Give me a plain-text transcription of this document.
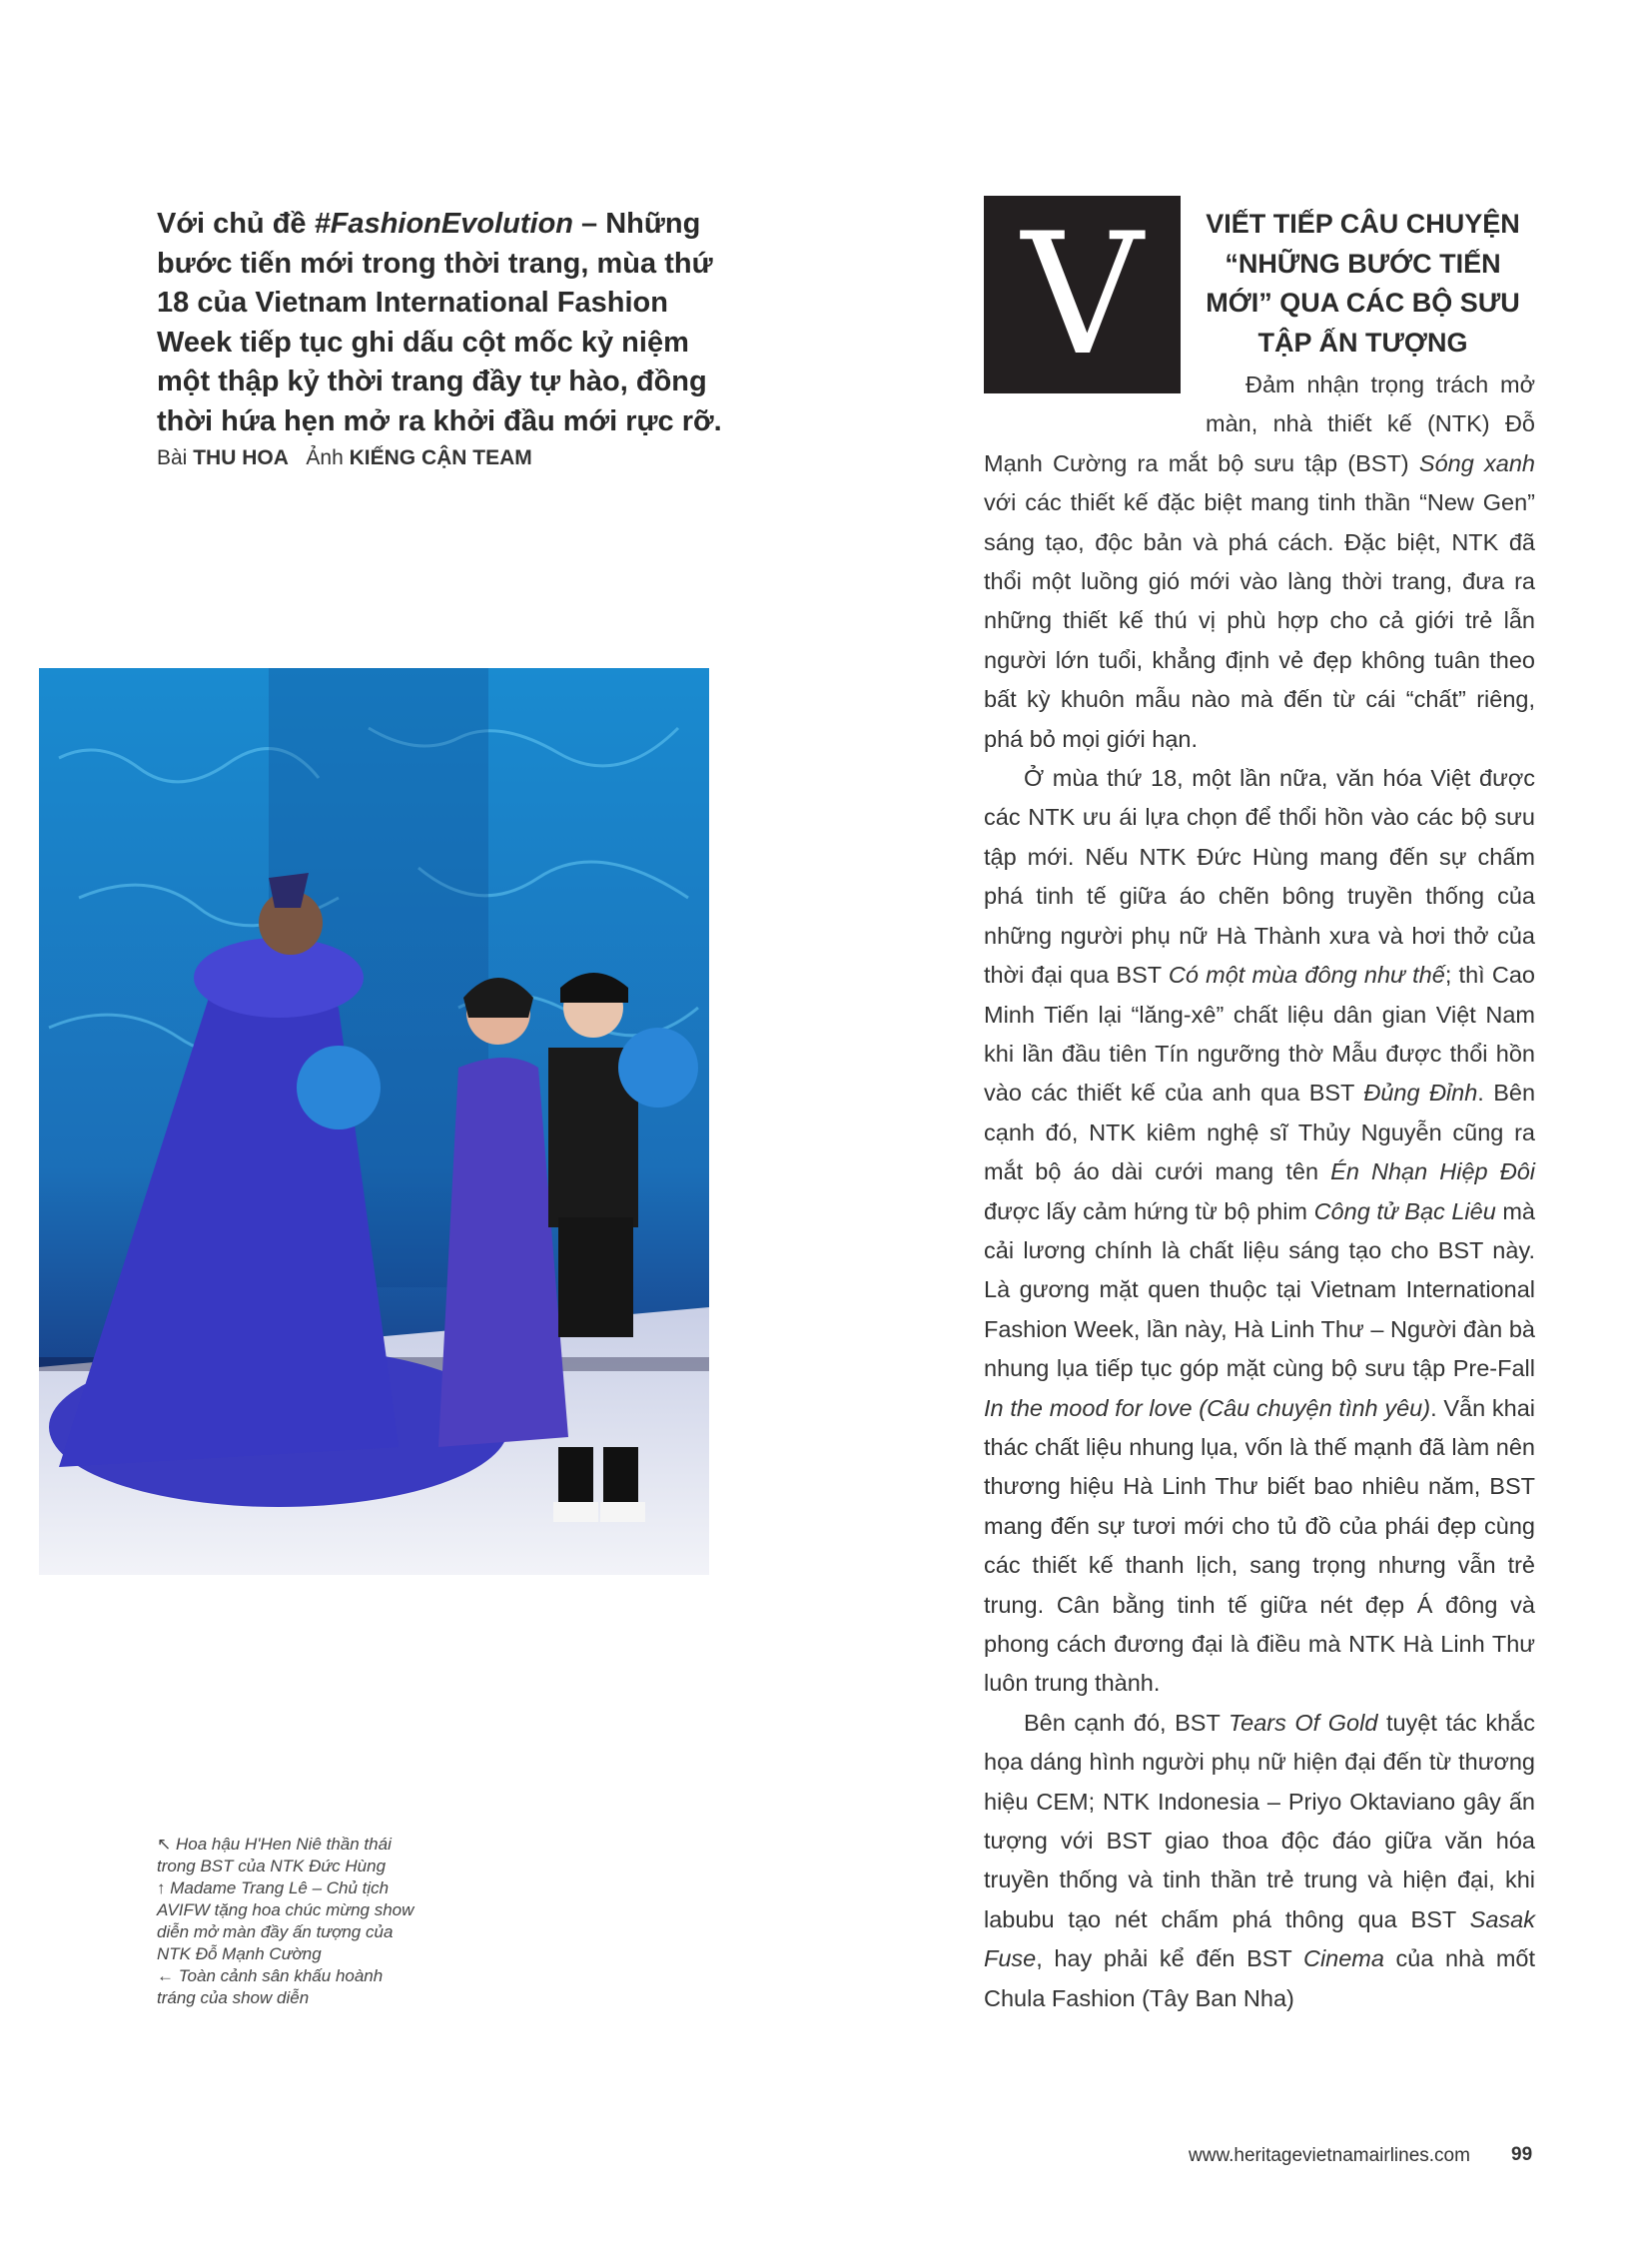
Với chủ đề #FashionEvolution – Những bước tiến mới trong thời trang, mùa thứ 18 của Vietnam International Fashion Week tiếp tục ghi dấu cột mốc kỷ niệm một thập kỷ thời trang đầy tự hào, đồng thời hứa hẹn mở ra khởi đầu mới rực rỡ.

Bài THU HOA Ảnh KIẾNG CẬN TEAM
↖ Hoa hậu H'Hen Niê thần thái trong BST của NTK Đức Hùng
↑ Madame Trang Lê – Chủ tịch AVIFW tặng hoa chúc mừng show diễn mở màn đầy ấn tượng của NTK Đỗ Mạnh Cường
← Toàn cảnh sân khấu hoành tráng của show diễn
V	VIẾT TIẾP CÂU CHUYỆN “NHỮNG BƯỚC TIẾN MỚI” QUA CÁC BỘ SƯU TẬP ẤN TƯỢNG

Đảm nhận trọng trách mở màn, nhà thiết kế (NTK) Đỗ Mạnh Cường ra mắt bộ sưu tập (BST) Sóng xanh với các thiết kế đặc biệt mang tinh thần “New Gen” sáng tạo, độc bản và phá cách. Đặc biệt, NTK đã thổi một luồng gió mới vào làng thời trang, đưa ra những thiết kế thú vị phù hợp cho cả giới trẻ lẫn người lớn tuổi, khẳng định vẻ đẹp không tuân theo bất kỳ khuôn mẫu nào mà đến từ cái “chất” riêng, phá bỏ mọi giới hạn.

Ở mùa thứ 18, một lần nữa, văn hóa Việt được các NTK ưu ái lựa chọn để thổi hồn vào các bộ sưu tập mới. Nếu NTK Đức Hùng mang đến sự chấm phá tinh tế giữa áo chẽn bông truyền thống của những người phụ nữ Hà Thành xưa và hơi thở của thời đại qua BST Có một mùa đông như thế; thì Cao Minh Tiến lại “lăng-xê” chất liệu dân gian Việt Nam khi lần đầu tiên Tín ngưỡng thờ Mẫu được thổi hồn vào các thiết kế của anh qua BST Đủng Đỉnh. Bên cạnh đó, NTK kiêm nghệ sĩ Thủy Nguyễn cũng ra mắt bộ áo dài cưới mang tên Én Nhạn Hiệp Đôi được lấy cảm hứng từ bộ phim Công tử Bạc Liêu mà cải lương chính là chất liệu sáng tạo cho BST này. Là gương mặt quen thuộc tại Vietnam International Fashion Week, lần này, Hà Linh Thư – Người đàn bà nhung lụa tiếp tục góp mặt cùng bộ sưu tập Pre-Fall In the mood for love (Câu chuyện tình yêu). Vẫn khai thác chất liệu nhung lụa, vốn là thế mạnh đã làm nên thương hiệu Hà Linh Thư biết bao nhiêu năm, BST mang đến sự tươi mới cho tủ đồ của phái đẹp cùng các thiết kế thanh lịch, sang trọng nhưng vẫn trẻ trung. Cân bằng tinh tế giữa nét đẹp Á đông và phong cách đương đại là điều mà NTK Hà Linh Thư luôn trung thành.

Bên cạnh đó, BST Tears Of Gold tuyệt tác khắc họa dáng hình người phụ nữ hiện đại đến từ thương hiệu CEM; NTK Indonesia – Priyo Oktaviano gây ấn tượng với BST giao thoa độc đáo giữa văn hóa truyền thống và tinh thần trẻ trung và hiện đại, khi labubu tạo nét chấm phá thông qua BST Sasak Fuse, hay phải kể đến BST Cinema của nhà mốt Chula Fashion (Tây Ban Nha)

www.heritagevietnamairlines.com 99
